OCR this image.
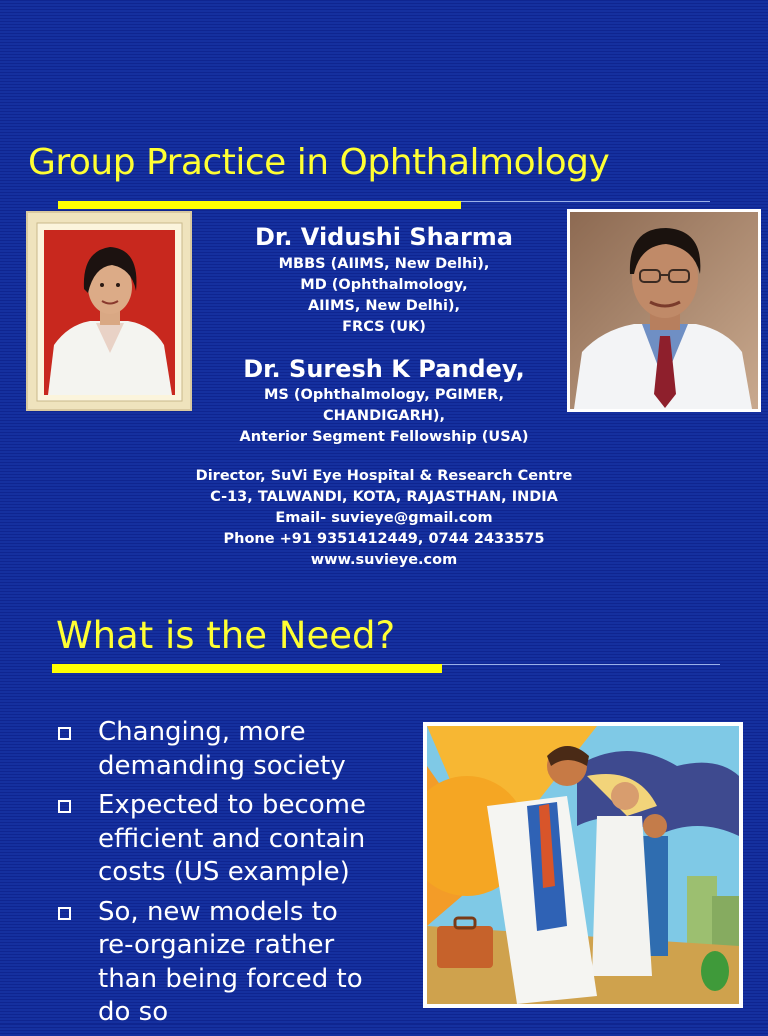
Group Practice in Ophthalmology

Dr. Vidushi Sharma

MBBS (AIIMS, New Delhi),

MD (Ophthalmology,

AIIMS, New Delhi),

FRCS (UK)

Dr. Suresh K Pandey,

MS (Ophthalmology, PGIMER,

CHANDIGARH),

Anterior Segment Fellowship (USA)

Director, SuVi Eye Hospital & Research Centre
C-13, TALWANDI, KOTA, RAJASTHAN, INDIA
Email- suvieye@gmail.com
Phone +91 9351412449, 0744 2433575
www.suvieye.com
What is the Need?
Changing, more
demanding society
Expected to become
efficient and contain
costs (US example)
So, new models to
re-organize rather
than being forced to
do so
